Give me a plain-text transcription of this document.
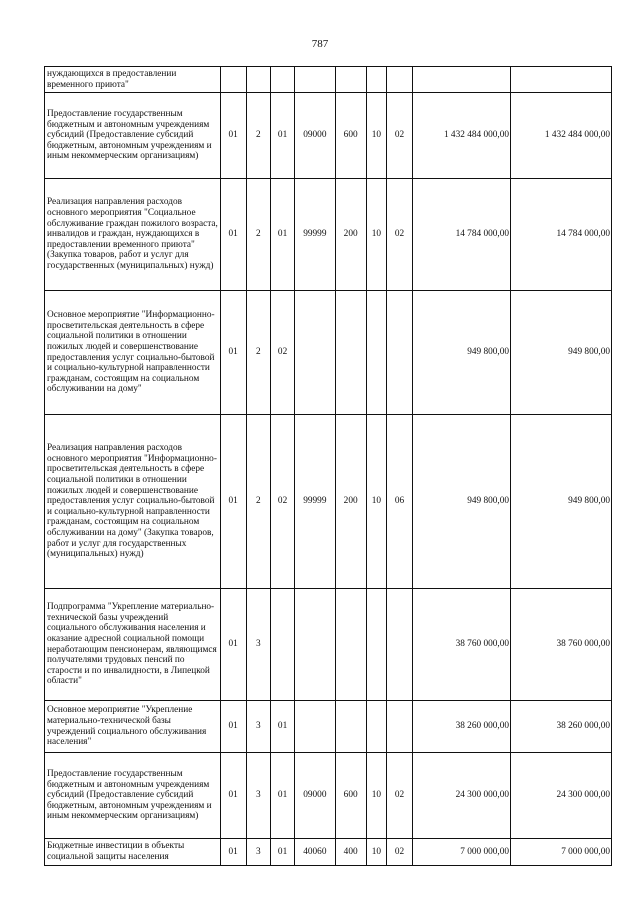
787
нуждающихся в предоставлении временного приюта"									
Предоставление государственным бюджетным и автономным учреждениям субсидий (Предоставление субсидий бюджетным, автономным учреждениям и иным некоммерческим организациям)	01	2	01	09000	600	10	02	1 432 484 000,00	1 432 484 000,00
Реализация направления расходов основного мероприятия "Социальное обслуживание граждан пожилого возраста, инвалидов и граждан, нуждающихся в предоставлении временного приюта" (Закупка товаров, работ и услуг для государственных (муниципальных) нужд)	01	2	01	99999	200	10	02	14 784 000,00	14 784 000,00
Основное мероприятие "Информационно-просветительская деятельность в сфере социальной политики в отношении пожилых людей и совершенствование предоставления услуг социально-бытовой и социально-культурной направленности гражданам, состоящим на социальном обслуживании на дому"	01	2	02					949 800,00	949 800,00
Реализация направления расходов основного мероприятия "Информационно-просветительская деятельность в сфере социальной политики в отношении пожилых людей и совершенствование предоставления услуг социально-бытовой и социально-культурной направленности гражданам, состоящим на социальном обслуживании на дому" (Закупка товаров, работ и услуг для государственных (муниципальных) нужд)	01	2	02	99999	200	10	06	949 800,00	949 800,00
Подпрограмма "Укрепление материально-технической базы учреждений социального обслуживания населения и оказание адресной социальной помощи неработающим пенсионерам, являющимся получателями трудовых пенсий по старости и по инвалидности, в Липецкой области"	01	3						38 760 000,00	38 760 000,00
Основное мероприятие "Укрепление материально-технической базы учреждений социального обслуживания населения"	01	3	01					38 260 000,00	38 260 000,00
Предоставление государственным бюджетным и автономным учреждениям субсидий (Предоставление субсидий бюджетным, автономным учреждениям и иным некоммерческим организациям)	01	3	01	09000	600	10	02	24 300 000,00	24 300 000,00
Бюджетные инвестиции в объекты социальной защиты населения	01	3	01	40060	400	10	02	7 000 000,00	7 000 000,00
